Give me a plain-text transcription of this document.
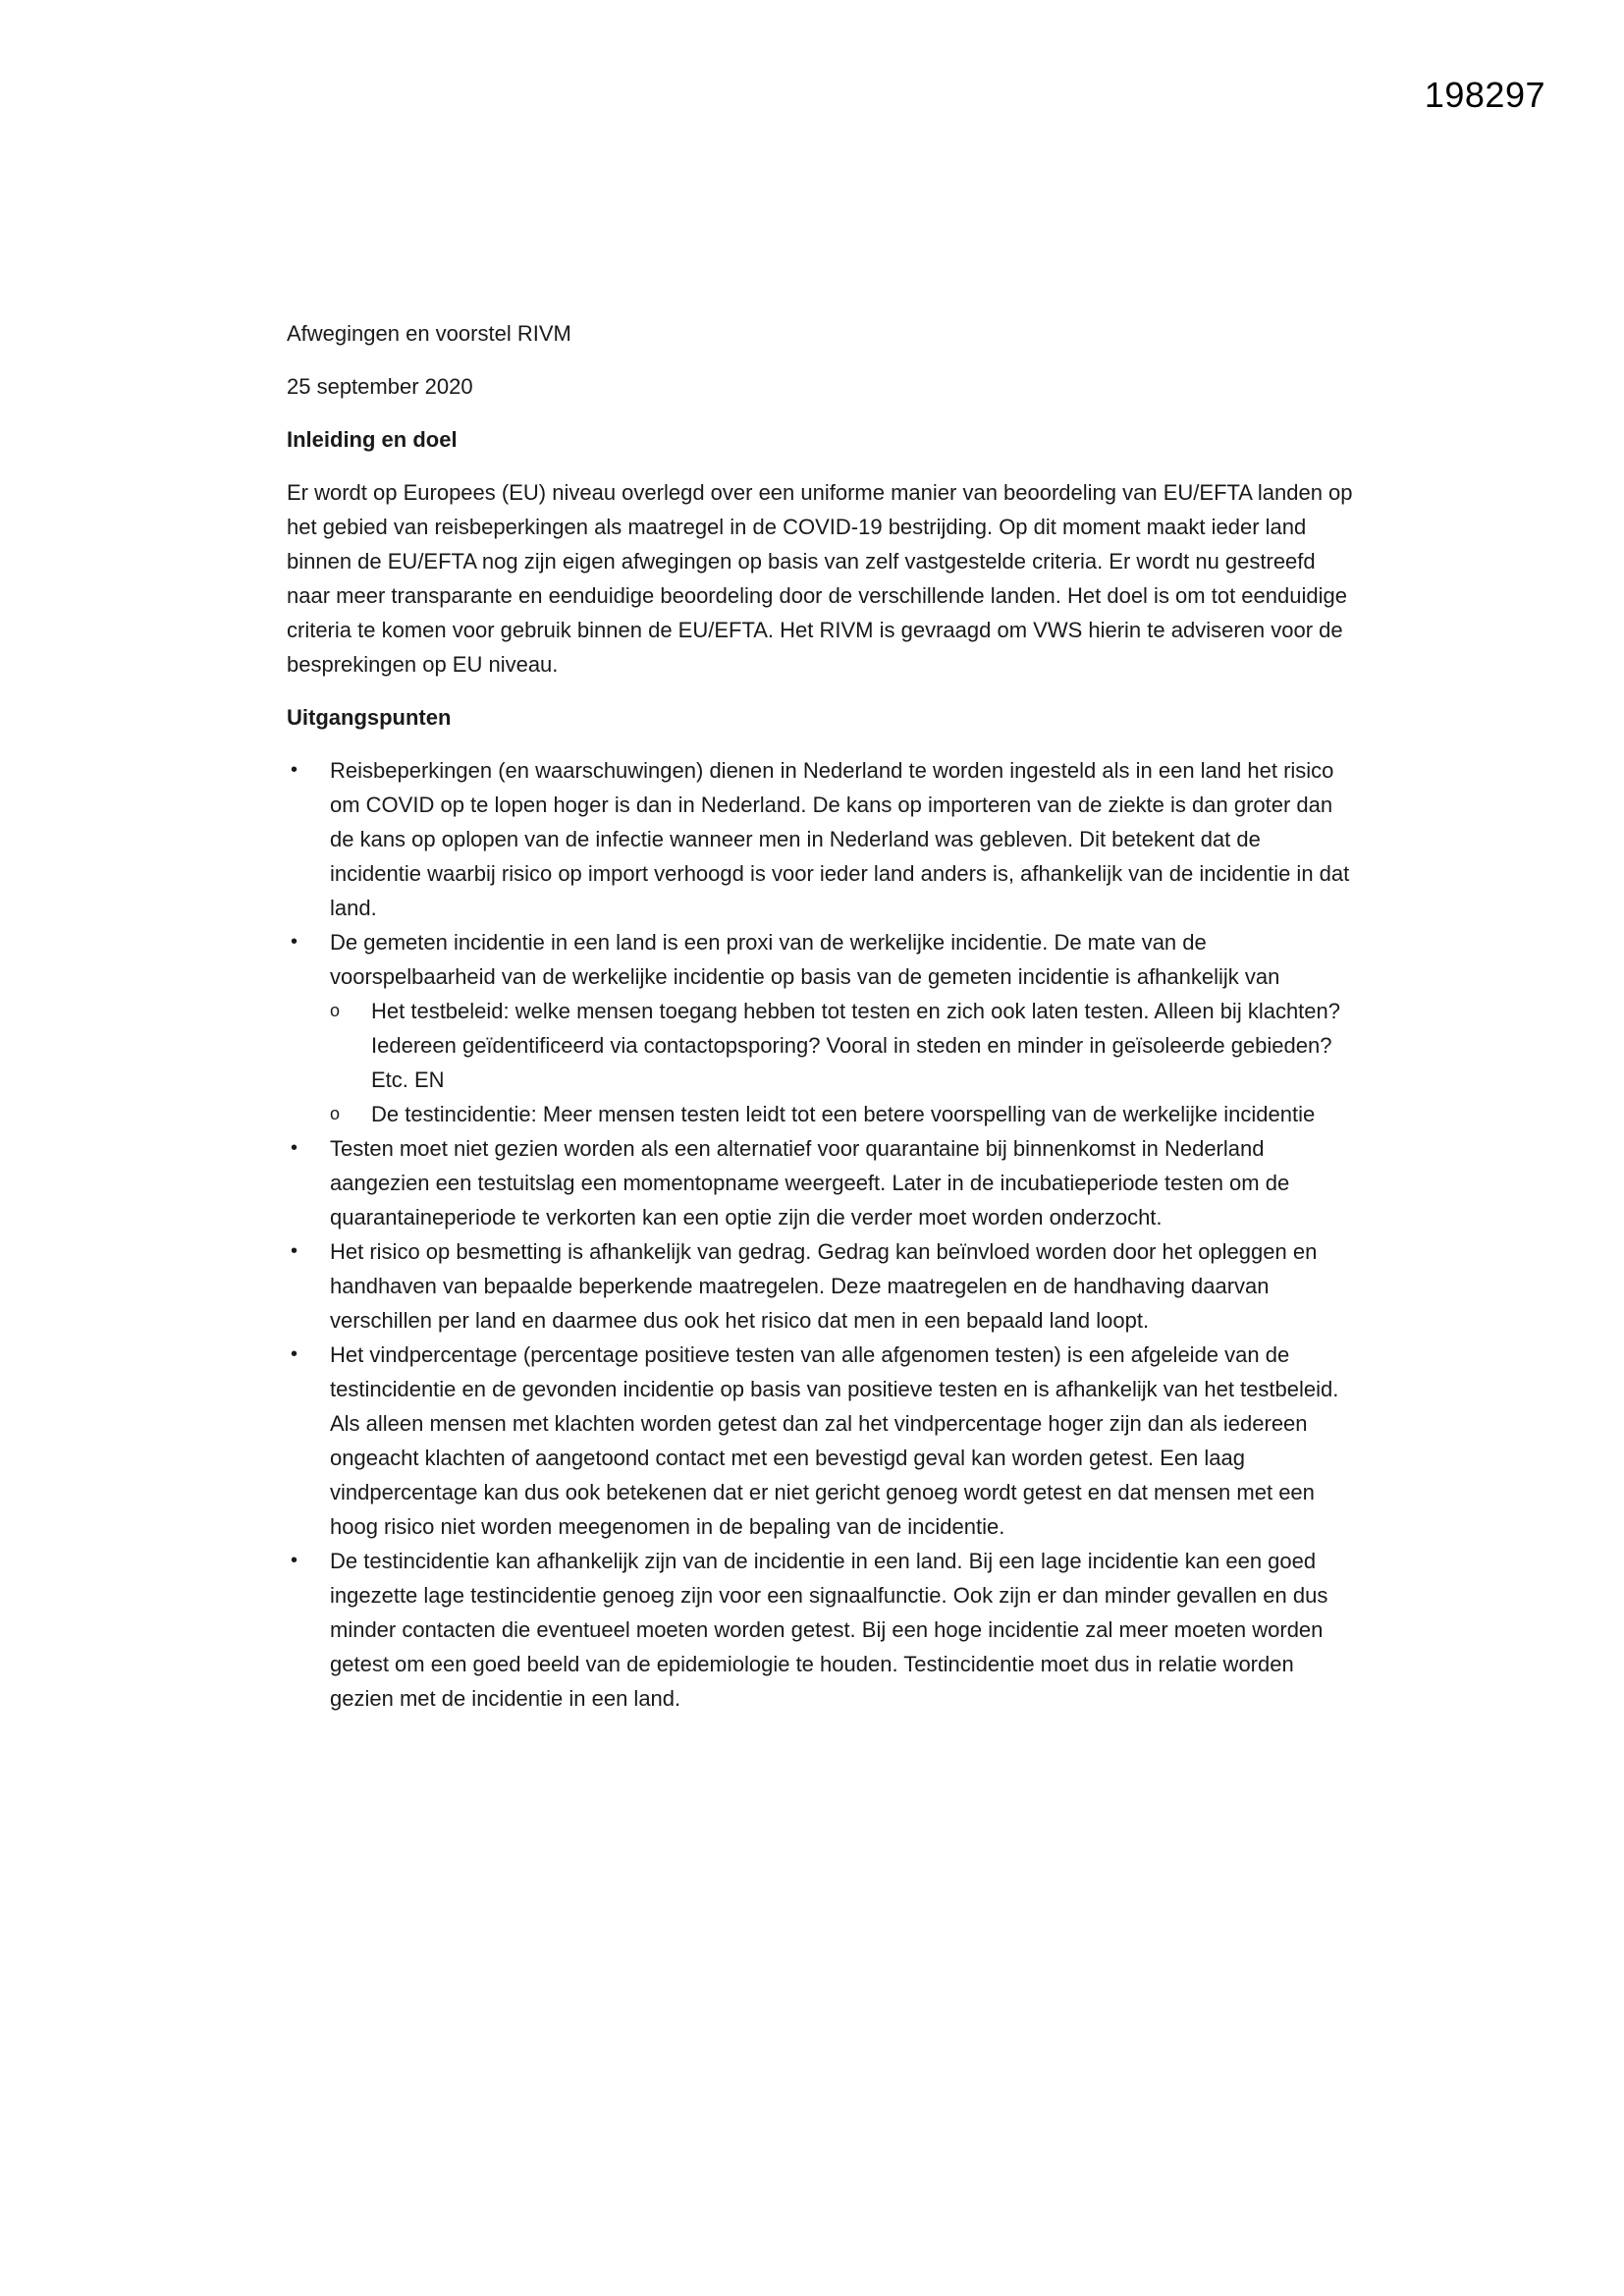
198297
Afwegingen en voorstel RIVM
25 september 2020
Inleiding en doel
Er wordt op Europees (EU) niveau overlegd over een uniforme manier van beoordeling van EU/EFTA landen op het gebied van reisbeperkingen als maatregel in de COVID-19 bestrijding. Op dit moment maakt ieder land binnen de EU/EFTA nog zijn eigen afwegingen op basis van zelf vastgestelde criteria. Er wordt nu gestreefd naar meer transparante en eenduidige beoordeling door de verschillende landen. Het doel is om tot eenduidige criteria te komen voor gebruik binnen de EU/EFTA. Het RIVM is gevraagd om VWS hierin te adviseren voor de besprekingen op EU niveau.
Uitgangspunten
• Reisbeperkingen (en waarschuwingen) dienen in Nederland te worden ingesteld als in een land het risico om COVID op te lopen hoger is dan in Nederland. De kans op importeren van de ziekte is dan groter dan de kans op oplopen van de infectie wanneer men in Nederland was gebleven. Dit betekent dat de incidentie waarbij risico op import verhoogd is voor ieder land anders is, afhankelijk van de incidentie in dat land.
• De gemeten incidentie in een land is een proxi van de werkelijke incidentie. De mate van de voorspelbaarheid van de werkelijke incidentie op basis van de gemeten incidentie is afhankelijk van
o Het testbeleid: welke mensen toegang hebben tot testen en zich ook laten testen. Alleen bij klachten? Iedereen geïdentificeerd via contactopsporing? Vooral in steden en minder in geïsoleerde gebieden? Etc. EN
o De testincidentie: Meer mensen testen leidt tot een betere voorspelling van de werkelijke incidentie
• Testen moet niet gezien worden als een alternatief voor quarantaine bij binnenkomst in Nederland aangezien een testuitslag een momentopname weergeeft. Later in de incubatieperiode testen om de quarantaineperiode te verkorten kan een optie zijn die verder moet worden onderzocht.
• Het risico op besmetting is afhankelijk van gedrag. Gedrag kan beïnvloed worden door het opleggen en handhaven van bepaalde beperkende maatregelen. Deze maatregelen en de handhaving daarvan verschillen per land en daarmee dus ook het risico dat men in een bepaald land loopt.
• Het vindpercentage (percentage positieve testen van alle afgenomen testen) is een afgeleide van de testincidentie en de gevonden incidentie op basis van positieve testen en is afhankelijk van het testbeleid. Als alleen mensen met klachten worden getest dan zal het vindpercentage hoger zijn dan als iedereen ongeacht klachten of aangetoond contact met een bevestigd geval kan worden getest. Een laag vindpercentage kan dus ook betekenen dat er niet gericht genoeg wordt getest en dat mensen met een hoog risico niet worden meegenomen in de bepaling van de incidentie.
• De testincidentie kan afhankelijk zijn van de incidentie in een land. Bij een lage incidentie kan een goed ingezette lage testincidentie genoeg zijn voor een signaalfunctie. Ook zijn er dan minder gevallen en dus minder contacten die eventueel moeten worden getest. Bij een hoge incidentie zal meer moeten worden getest om een goed beeld van de epidemiologie te houden. Testincidentie moet dus in relatie worden gezien met de incidentie in een land.
